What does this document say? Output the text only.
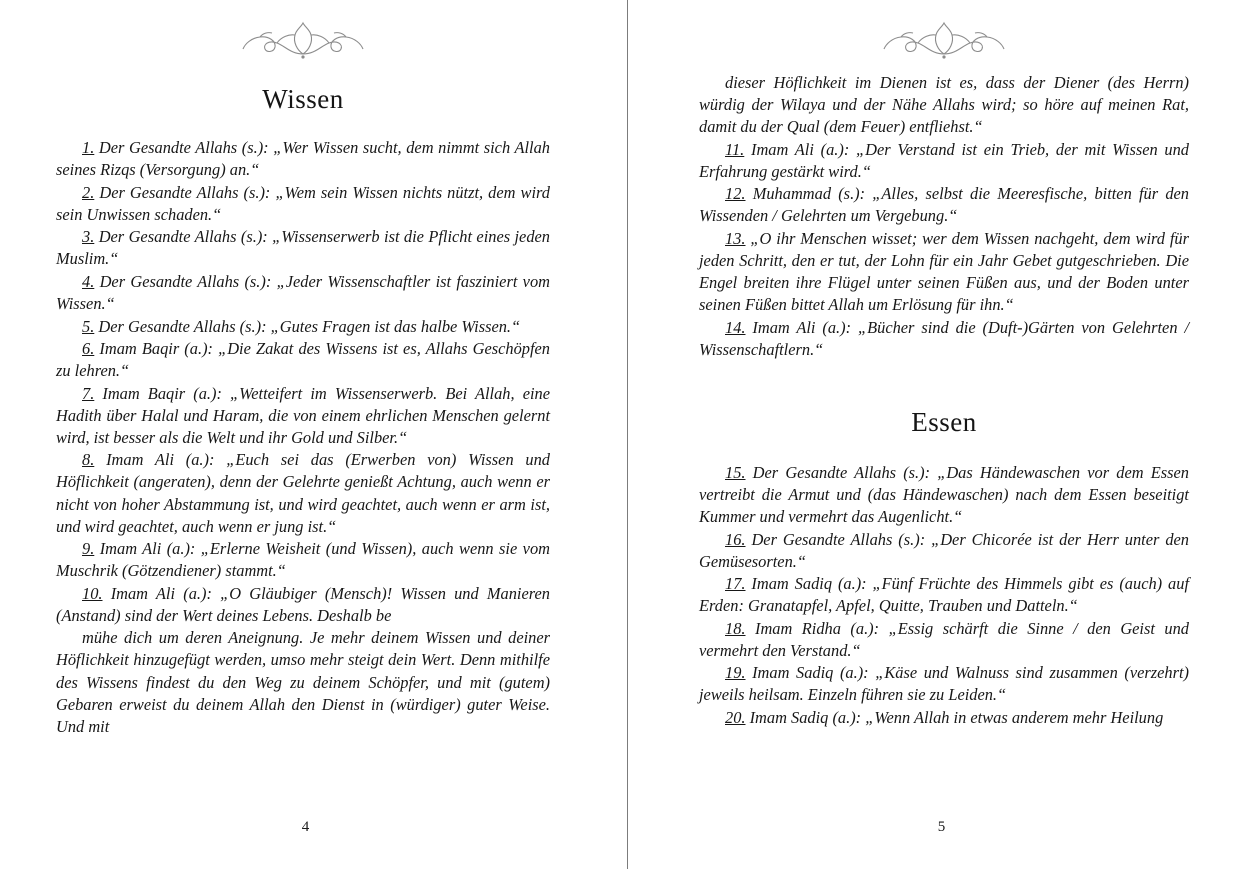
Wissen

1. Der Gesandte Allahs (s.): „Wer Wissen sucht, dem nimmt sich Allah seines Rizqs (Versorgung) an.“

2. Der Gesandte Allahs (s.): „Wem sein Wissen nichts nützt, dem wird sein Unwissen schaden.“

3. Der Gesandte Allahs (s.): „Wissenserwerb ist die Pflicht eines jeden Muslim.“

4. Der Gesandte Allahs (s.): „Jeder Wissenschaftler ist fasziniert vom Wissen.“

5. Der Gesandte Allahs (s.): „Gutes Fragen ist das halbe Wissen.“

6. Imam Baqir (a.): „Die Zakat des Wissens ist es, Allahs Geschöpfen zu lehren.“

7. Imam Baqir (a.): „Wetteifert im Wissenserwerb. Bei Allah, eine Hadith über Halal und Haram, die von einem ehrlichen Menschen gelernt wird, ist besser als die Welt und ihr Gold und Silber.“

8. Imam Ali (a.): „Euch sei das (Erwerben von) Wissen und Höflichkeit (angeraten), denn der Gelehrte genießt Achtung, auch wenn er nicht von hoher Abstammung ist, und wird geachtet, auch wenn er arm ist, und wird geachtet, auch wenn er jung ist.“

9. Imam Ali (a.): „Erlerne Weisheit (und Wissen), auch wenn sie vom Muschrik (Götzendiener) stammt.“

10. Imam Ali (a.): „O Gläubiger (Mensch)! Wissen und Manieren (Anstand) sind der Wert deines Lebens. Deshalb be

mühe dich um deren Aneignung. Je mehr deinem Wissen und deiner Höflichkeit hinzugefügt werden, umso mehr steigt dein Wert. Denn mithilfe des Wissens findest du den Weg zu deinem Schöpfer, und mit (gutem) Gebaren erweist du deinem Allah den Dienst in (würdiger) guter Weise. Und mit

4

dieser Höflichkeit im Dienen ist es, dass der Diener (des Herrn) würdig der Wilaya und der Nähe Allahs wird; so höre auf meinen Rat, damit du der Qual (dem Feuer) entfliehst.“

11. Imam Ali (a.): „Der Verstand ist ein Trieb, der mit Wissen und Erfahrung gestärkt wird.“

12. Muhammad (s.): „Alles, selbst die Meeresfische, bitten für den Wissenden / Gelehrten um Vergebung.“

13. „O ihr Menschen wisset; wer dem Wissen nachgeht, dem wird für jeden Schritt, den er tut, der Lohn für ein Jahr Gebet gutgeschrieben. Die Engel breiten ihre Flügel unter seinen Füßen aus, und der Boden unter seinen Füßen bittet Allah um Erlösung für ihn.“

14. Imam Ali (a.): „Bücher sind die (Duft-)Gärten von Gelehrten / Wissenschaftlern.“

Essen

15. Der Gesandte Allahs (s.): „Das Händewaschen vor dem Essen vertreibt die Armut und (das Händewaschen) nach dem Essen beseitigt Kummer und vermehrt das Augenlicht.“

16. Der Gesandte Allahs (s.): „Der Chicorée ist der Herr unter den Gemüsesorten.“

17. Imam Sadiq (a.): „Fünf Früchte des Himmels gibt es (auch) auf Erden: Granatapfel, Apfel, Quitte, Trauben und Datteln.“

18. Imam Ridha (a.): „Essig schärft die Sinne / den Geist und vermehrt den Verstand.“

19. Imam Sadiq (a.): „Käse und Walnuss sind zusammen (verzehrt) jeweils heilsam. Einzeln führen sie zu Leiden.“

20. Imam Sadiq (a.): „Wenn Allah in etwas anderem mehr Heilung

5
